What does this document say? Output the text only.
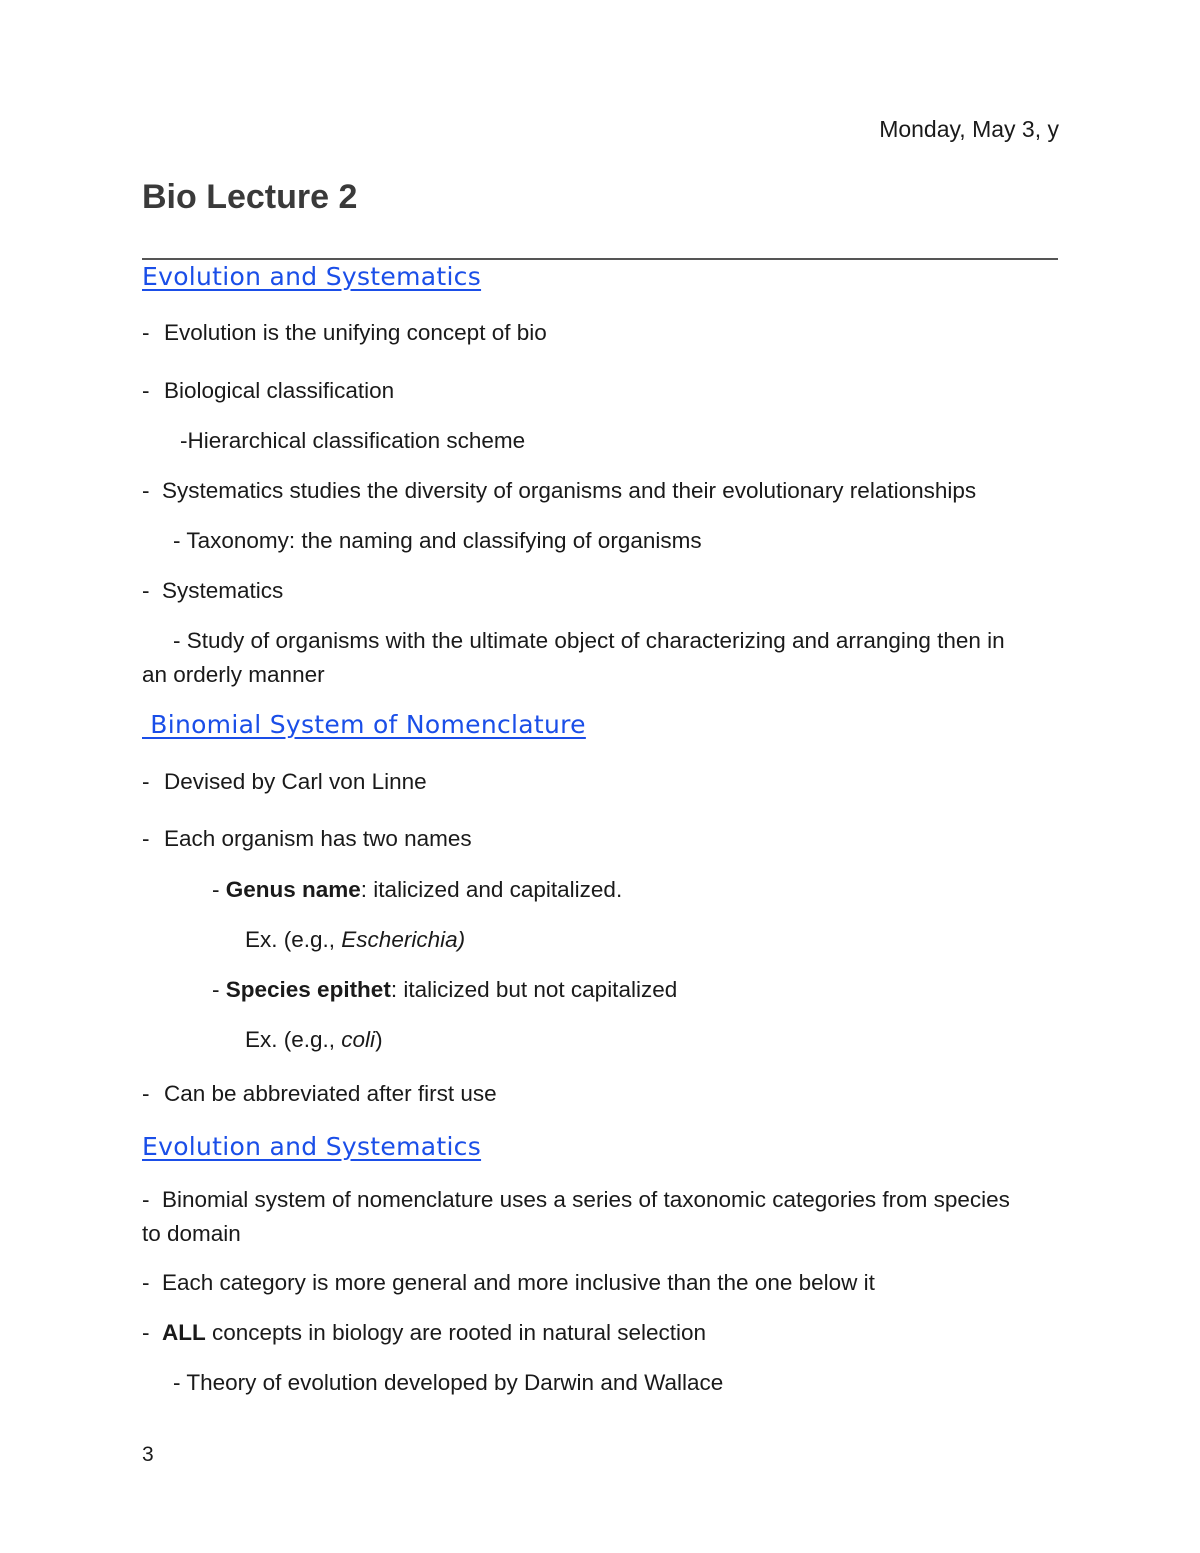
Monday, May 3, y
Bio Lecture 2
Evolution and Systematics
- Evolution is the unifying concept of bio
- Biological classification
-Hierarchical classification scheme
- Systematics studies the diversity of organisms and their evolutionary relationships
- Taxonomy: the naming and classifying of organisms
- Systematics
- Study of organisms with the ultimate object of characterizing and arranging then in
an orderly manner
Binomial System of Nomenclature
- Devised by Carl von Linne
- Each organism has two names
- Genus name: italicized and capitalized.
Ex. (e.g., Escherichia)
- Species epithet: italicized but not capitalized
Ex. (e.g., coli)
- Can be abbreviated after first use
Evolution and Systematics
- Binomial system of nomenclature uses a series of taxonomic categories from species
to domain
- Each category is more general and more inclusive than the one below it
- ALL concepts in biology are rooted in natural selection
- Theory of evolution developed by Darwin and Wallace
3
